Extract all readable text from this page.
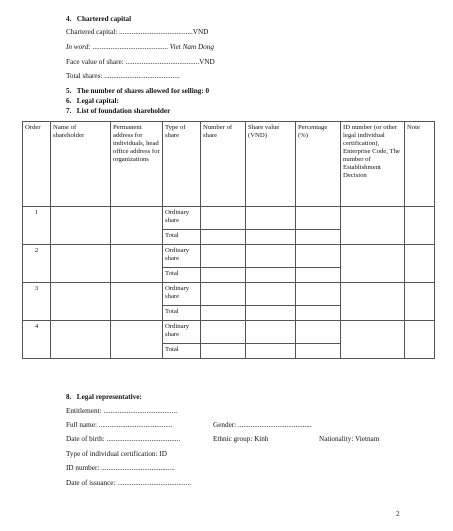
4.   Chartered capital
Chartered capital: .........................................VND
In word: .......................................... Viet Nam Dong
Face value of share: .........................................VND
Total shares: ..........................................
5.   The number of shares allowed for selling: 0
6.   Legal capital:
7.   List of foundation shareholder
Order	Name of shareholder	Permanent address for individuals, head office address for organizations	Type of share	Number of share	Share value (VND)	Percentage (%)	ID number (or other legal individual certification), Enterprise Code, The number of Establishment Decision	Note
1			Ordinary share					
			Total					
2			Ordinary share					
			Total					
3			Ordinary share					
			Total					
4			Ordinary share					
			Total					
8.   Legal representative:
Entitlement: .........................................
Full name: .........................................	Gender: .........................................
Date of birth: .........................................	Ethnic group: Kinh	Nationality: Vietnam
Type of individual certification: ID
ID number: .........................................
Date of issuance: .........................................
2
